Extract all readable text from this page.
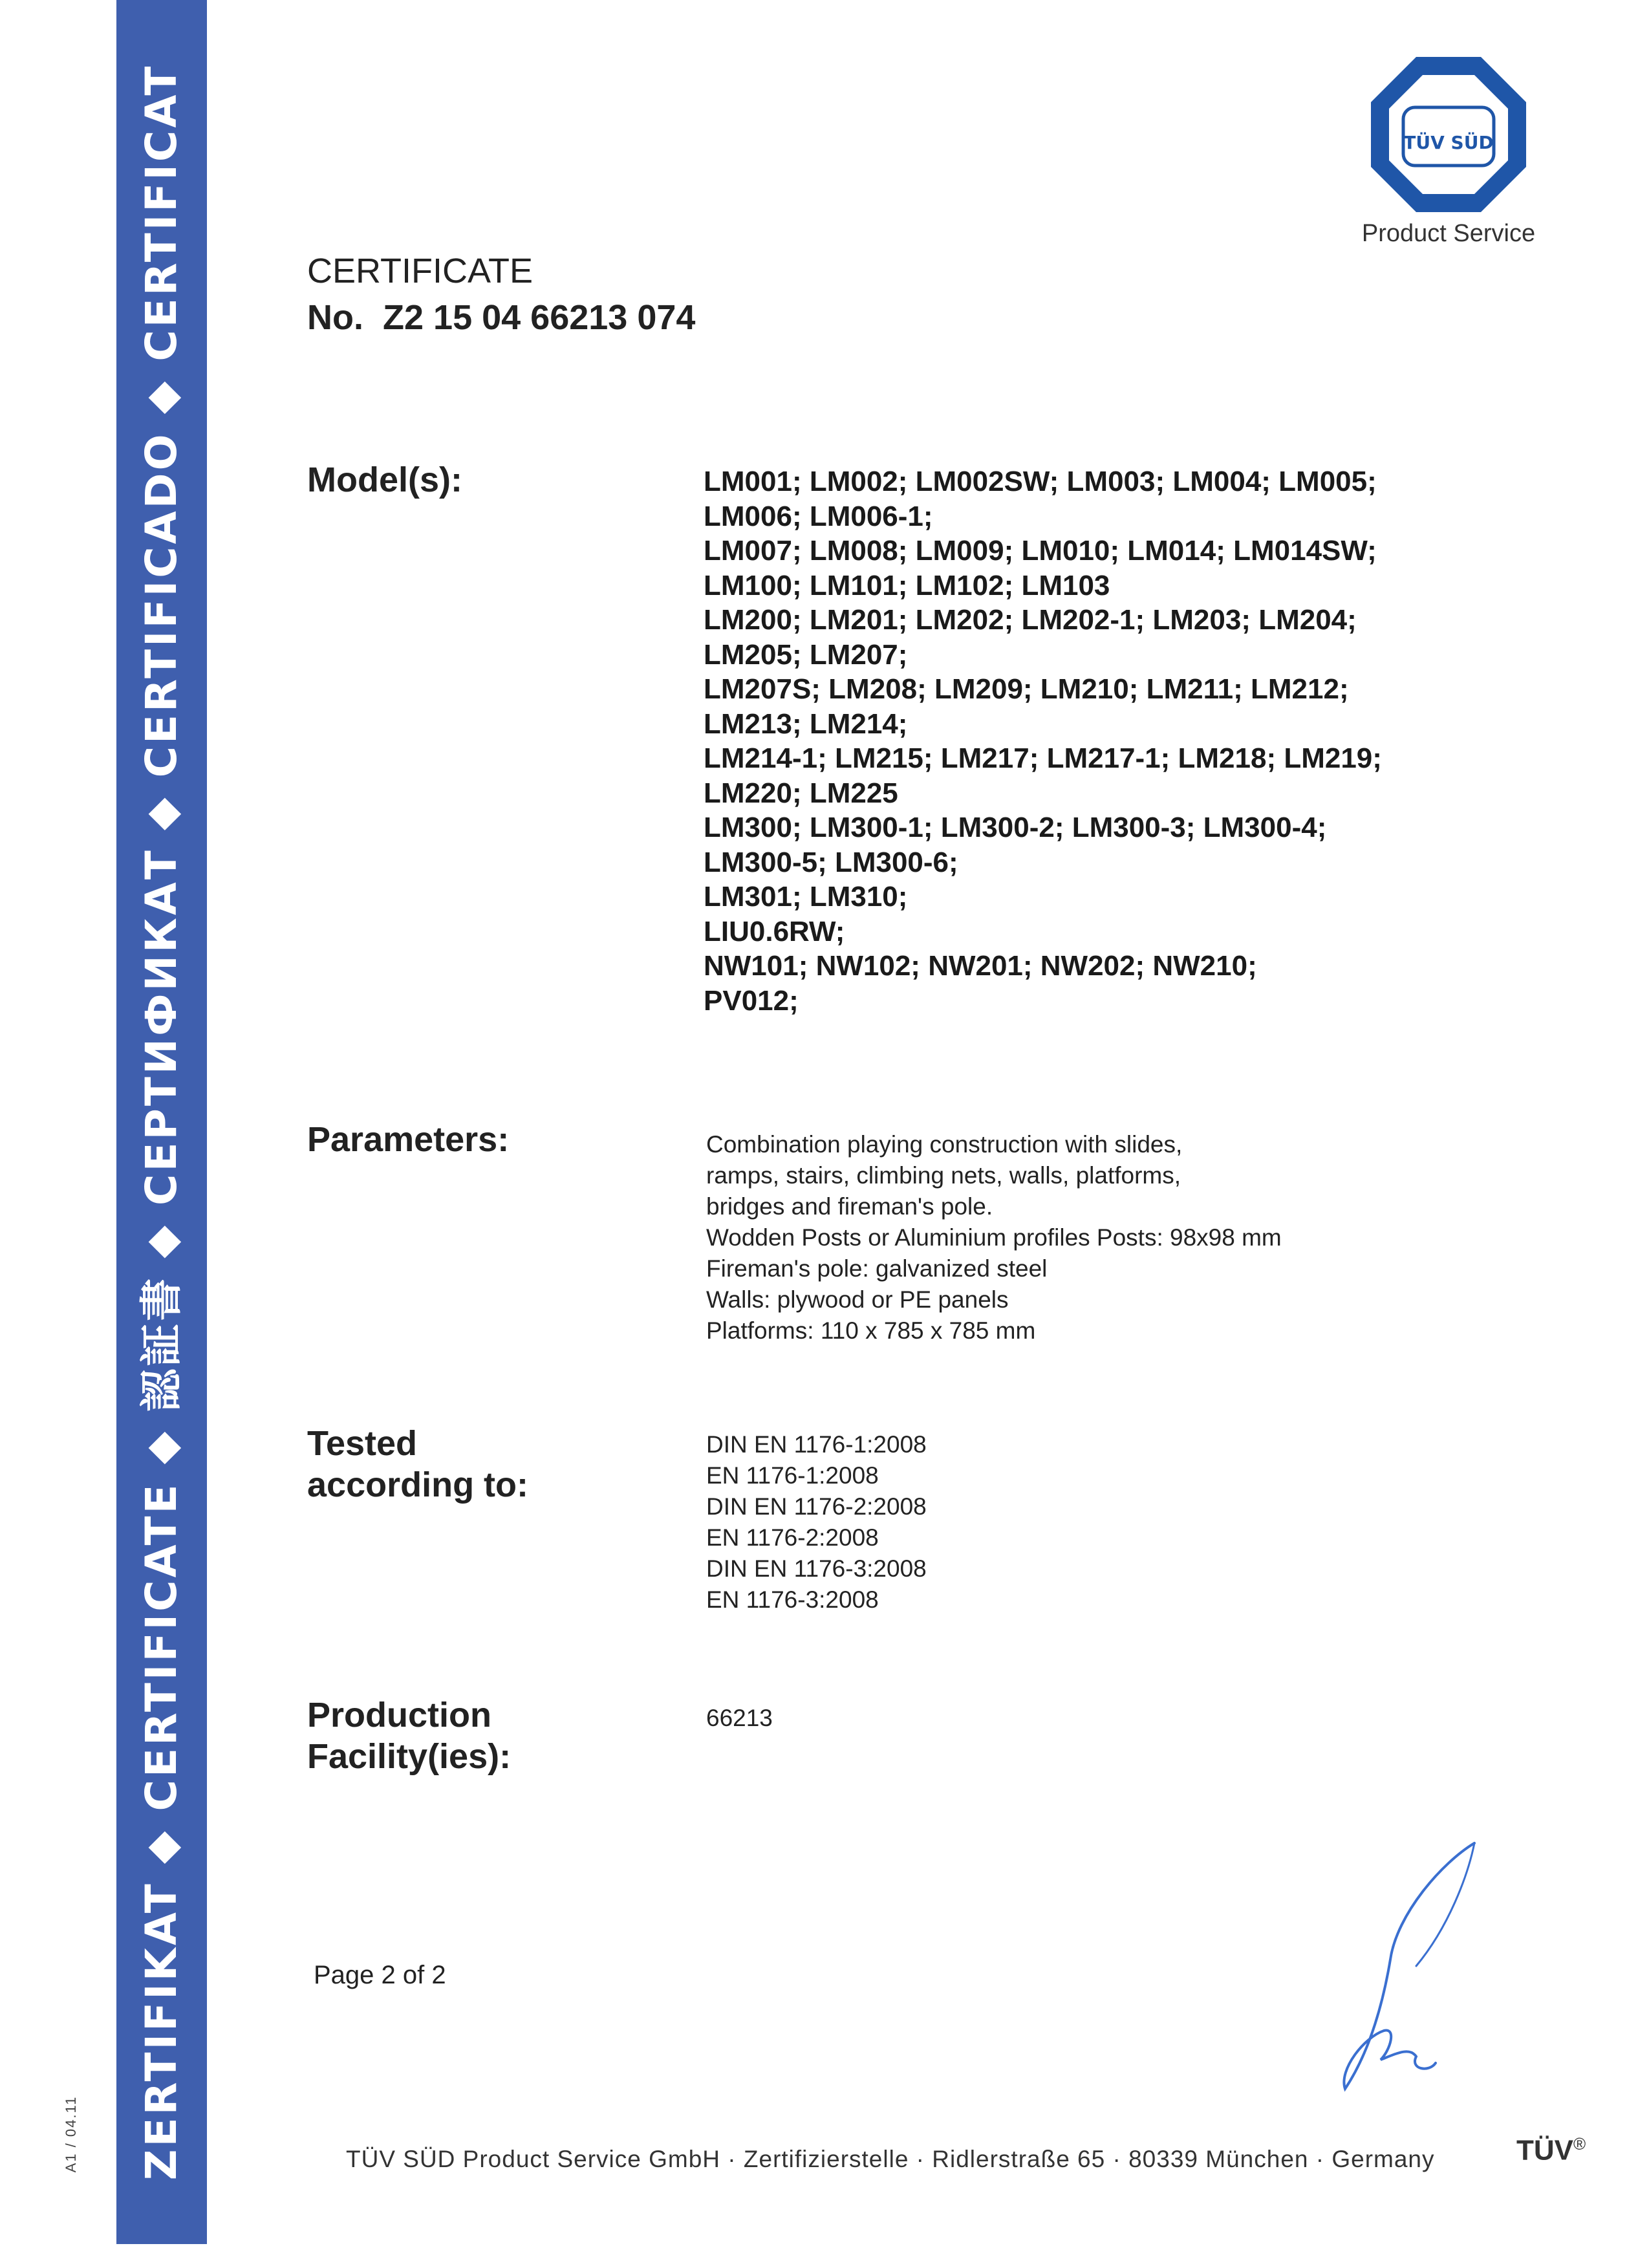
ZERTIFIKAT ◆ CERTIFICATE ◆ 認証書 ◆ СЕРТИФИКАТ ◆ CERTIFICADO ◆ CERTIFICAT
A1 / 04.11
TÜV SÜD
Product Service
CERTIFICATE
No. Z2 15 04 66213 074
Model(s):	LM001; LM002; LM002SW; LM003; LM004; LM005;
LM006; LM006-1;
LM007; LM008; LM009; LM010; LM014; LM014SW;
LM100; LM101; LM102; LM103
LM200; LM201; LM202; LM202-1; LM203; LM204;
LM205; LM207;
LM207S; LM208; LM209; LM210; LM211; LM212;
LM213; LM214;
LM214-1; LM215; LM217; LM217-1; LM218; LM219;
LM220; LM225
LM300; LM300-1; LM300-2; LM300-3; LM300-4;
LM300-5; LM300-6;
LM301; LM310;
LIU0.6RW;
NW101; NW102; NW201; NW202; NW210;
PV012;
Parameters:	Combination playing construction with slides,
ramps, stairs, climbing nets, walls, platforms,
bridges and fireman's pole.
Wodden Posts or Aluminium profiles Posts: 98x98 mm
Fireman's pole: galvanized steel
Walls: plywood or PE panels
Platforms: 110 x 785 x 785 mm
Tested
according to:
DIN EN 1176-1:2008
EN 1176-1:2008
DIN EN 1176-2:2008
EN 1176-2:2008
DIN EN 1176-3:2008
EN 1176-3:2008
Production
Facility(ies):
66213
Page 2 of 2
TÜV SÜD Product Service GmbH · Zertifizierstelle · Ridlerstraße 65 · 80339 München · Germany	TÜV®
